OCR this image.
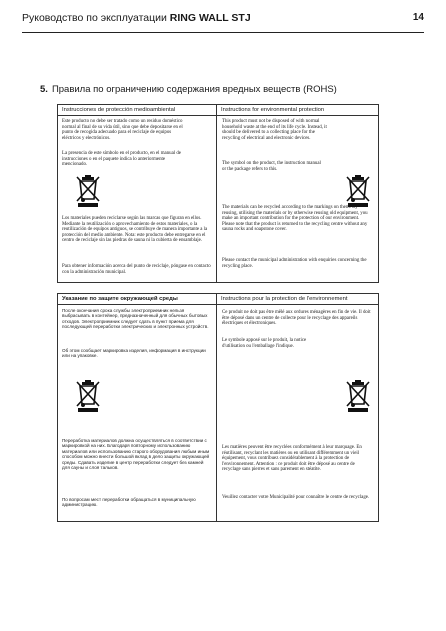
Руководство по эксплуатации RING WALL STJ	14
5. Правила по ограничению содержания вредных веществ (ROHS)
Instrucciones de protección medioambiental
Este producto no debe ser tratado como un residuo doméstico normal al final de su vida útil, sino que debe depositarse en el punto de recogida adecuado para el reciclaje de equipos eléctricos y electrónicos.
La presencia de este símbolo en el producto, en el manual de instrucciones o en el paquete indica lo anteriormente mencionado.
Los materiales pueden reciclarse según las marcas que figuran en ellos. Mediante la reutilización o aprovechamiento de estos materiales, o la reutilización de equipos antiguos, se contribuye de manera importante a la protección del medio ambiente. Nota: este producto debe entregarse en el centro de reciclaje sin las piedras de sauna ni la cubierta de ensamblaje.
Para obtener información acerca del punto de reciclaje, póngase en contacto con la administración municipal.
Instructions for environmental protection
This product must not be disposed of with normal household waste at the end of its life cycle. Instead, it should be delivered to a collecting place for the recycling of electrical and electronic devices.
The symbol on the product, the instruction manual or the package refers to this.
The materials can be recycled according to the markings on them. By reusing, utilising the materials or by otherwise reusing old equipment, you make an important contribution for the protection of our environment. Please note that the product is returned to the recycling centre without any sauna rocks and soapstone cover.
Please contact the municipal administration with enquiries concerning the recycling place.
Указание по защите окружающей среды
После окончания срока службы электроприемник нельзя выбрасывать в контейнер, предназначенный для обычных бытовых отходов. Электроприемник следует сдать в пункт приема для последующей переработки электрических и электронных устройств.
Об этом сообщает маркировка изделия, информация в инструкции или на упаковке.
Переработка материалов должна осуществляться в соответствии с маркировкой на них. Благодаря повторному использованию материалов или использованию старого оборудования любым иным способом можно внести большой вклад в дело защиты окружающей среды. Сдавать изделие в центр переработки следует без камней для сауны и слоя тальков.
По вопросам мест переработки обращаться в муниципальную администрацию.
Instructions pour la protection de l'environnement
Ce produit ne doit pas être mêlé aux ordures ménagères en fin de vie. Il doit être déposé dans un centre de collecte pour le recyclage des appareils électriques et électroniques.
Le symbole apposé sur le produit, la notice d'utilisation ou l'emballage l'indique.
Les matières peuvent être recyclées conformément à leur marquage. En réutilisant, recyclant les matières ou en utilisant différemment un vieil équipement, vous contribuez considérablement à la protection de l'environnement. Attention : ce produit doit être déposé au centre de recyclage sans pierres et sans parement en stéatite.
Veuillez contacter votre Municipalité pour connaître le centre de recyclage.
